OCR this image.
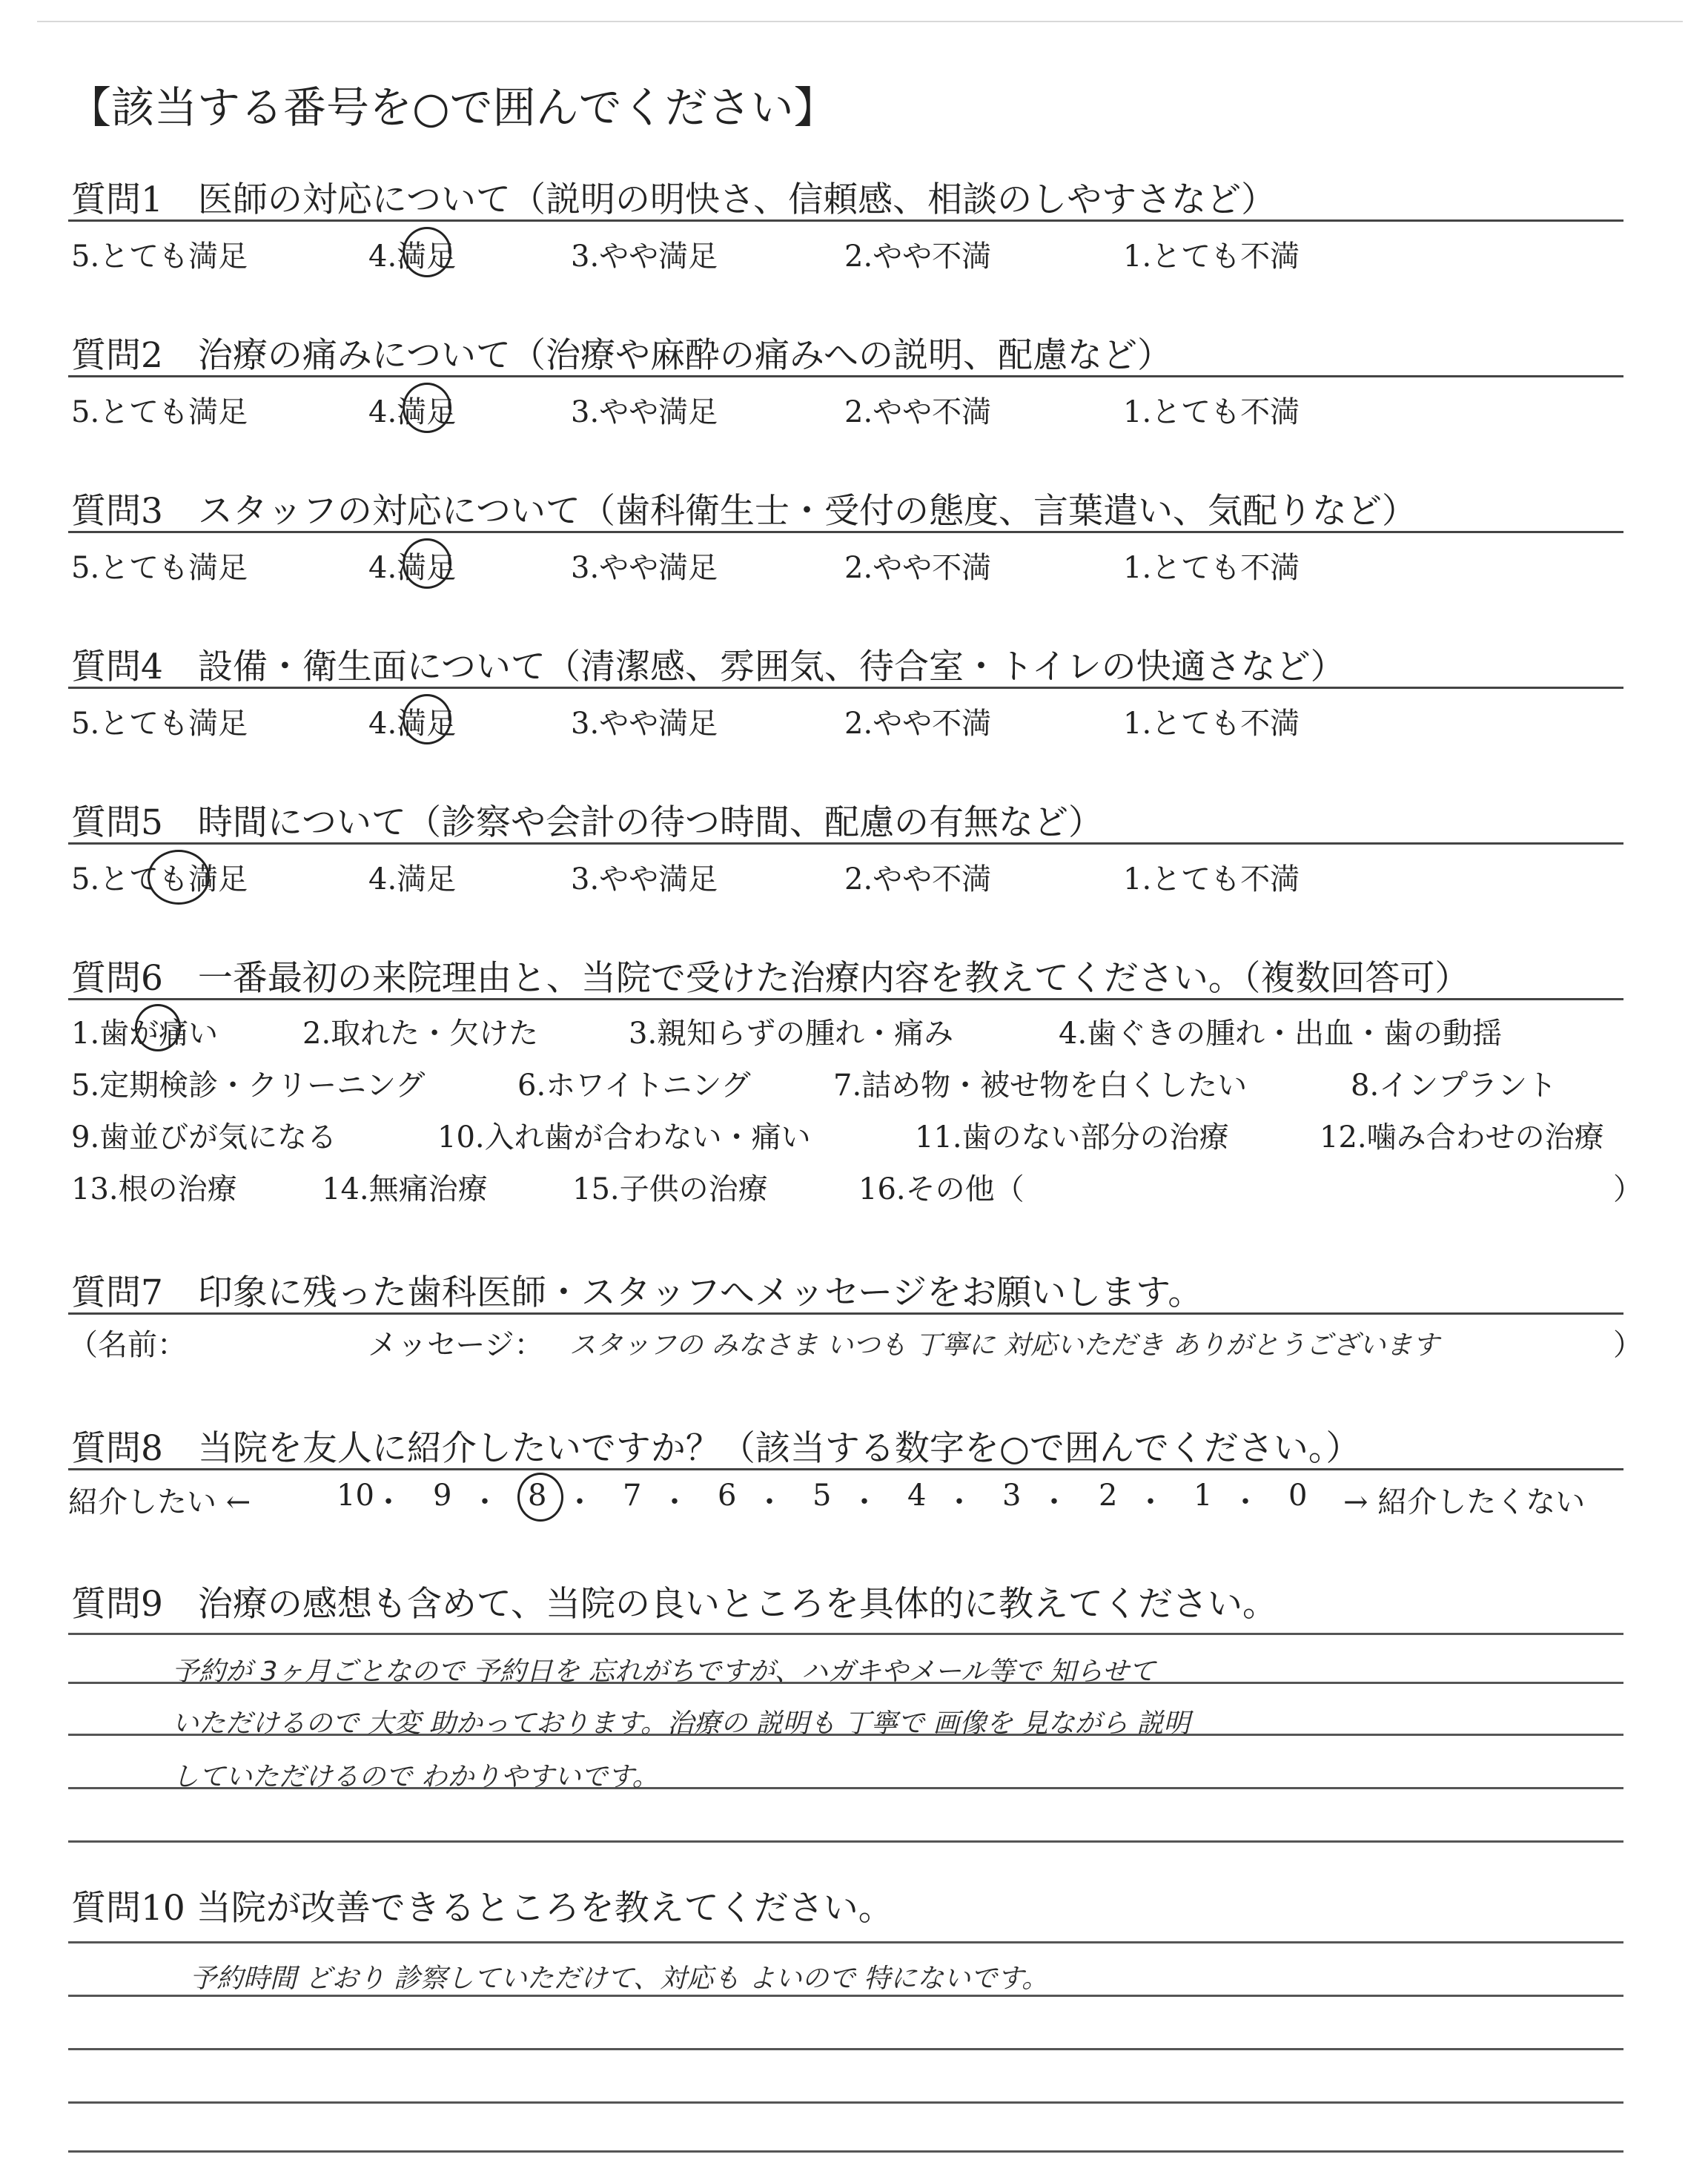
【該当する番号を○で囲んでください】
質問1　医師の対応について（説明の明快さ、信頼感、相談のしやすさなど）
5.とても満足	4.満足	3.やや満足	2.やや不満	1.とても不満
質問2　治療の痛みについて（治療や麻酔の痛みへの説明、配慮など）
5.とても満足	4.満足	3.やや満足	2.やや不満	1.とても不満
質問3　スタッフの対応について（歯科衛生士・受付の態度、言葉遣い、気配りなど）
5.とても満足	4.満足	3.やや満足	2.やや不満	1.とても不満
質問4　設備・衛生面について（清潔感、雰囲気、待合室・トイレの快適さなど）
5.とても満足	4.満足	3.やや満足	2.やや不満	1.とても不満
質問5　時間について（診察や会計の待つ時間、配慮の有無など）
5.とても満足	4.満足	3.やや満足	2.やや不満	1.とても不満
質問6　一番最初の来院理由と、当院で受けた治療内容を教えてください。（複数回答可）
1.歯が痛い	2.取れた・欠けた	3.親知らずの腫れ・痛み	4.歯ぐきの腫れ・出血・歯の動揺
5.定期検診・クリーニング	6.ホワイトニング	7.詰め物・被せ物を白くしたい	8.インプラント
9.歯並びが気になる	10.入れ歯が合わない・痛い	11.歯のない部分の治療	12.噛み合わせの治療
13.根の治療	14.無痛治療	15.子供の治療	16.その他（	）
質問7　印象に残った歯科医師・スタッフへメッセージをお願いします。
（名前：	メッセージ： スタッフの みなさま いつも 丁寧に 対応いただき ありがとうございます	）
質問8　当院を友人に紹介したいですか？（該当する数字を○で囲んでください。）
紹介したい ←	10 ・ 9 ・ 8 ・ 7 ・ 6 ・ 5 ・ 4 ・ 3 ・ 2 ・ 1 ・ 0 → 紹介したくない
質問9　治療の感想も含めて、当院の良いところを具体的に教えてください。
予約が 3ヶ月ごとなので 予約日を 忘れがちですが、ハガキやメール等で 知らせて
いただけるので 大変 助かっております。治療の 説明も 丁寧で 画像を 見ながら 説明
していただけるので わかりやすいです。
質問10 当院が改善できるところを教えてください。
予約時間 どおり 診察していただけて、対応も よいので 特にないです。
